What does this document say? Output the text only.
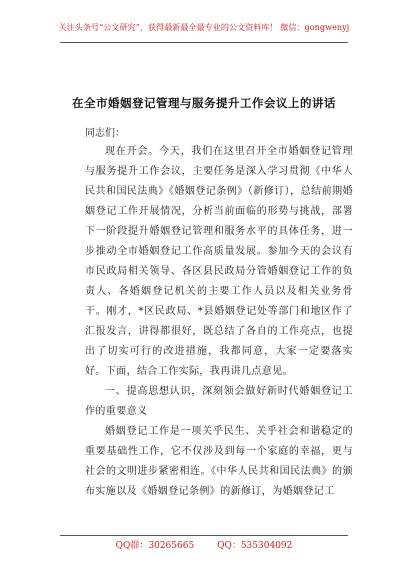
关注头条号“公文研究”，获得最新最全最专业的公文资料库！ 微信：gongwenyj
在全市婚姻登记管理与服务提升工作会议上的讲话
同志们：

现在开会。今天，我们在这里召开全市婚姻登记管理与服务提升工作会议，主要任务是深入学习贯彻《中华人民共和国民法典》《婚姻登记条例》（新修订），总结前期婚姻登记工作开展情况，分析当前面临的形势与挑战，部署下一阶段提升婚姻登记管理和服务水平的具体任务，进一步推动全市婚姻登记工作高质量发展。参加今天的会议有市民政局相关领导、各区县民政局分管婚姻登记工作的负责人、各婚姻登记机关的主要工作人员以及相关业务骨干。刚才，*区民政局、*县婚姻登记处等部门和地区作了汇报发言，讲得都很好，既总结了各自的工作亮点，也提出了切实可行的改进措施，我都同意，大家一定要落实好。下面，结合工作实际，我再讲几点意见。

一、提高思想认识，深刻领会做好新时代婚姻登记工作的重要意义

婚姻登记工作是一项关乎民生、关乎社会和谐稳定的重要基础性工作，它不仅涉及到每一个家庭的幸福，更与社会的文明进步紧密相连。《中华人民共和国民法典》的颁布实施以及《婚姻登记条例》的新修订，为婚姻登记工

QQ群：30265665	QQ：535304092
